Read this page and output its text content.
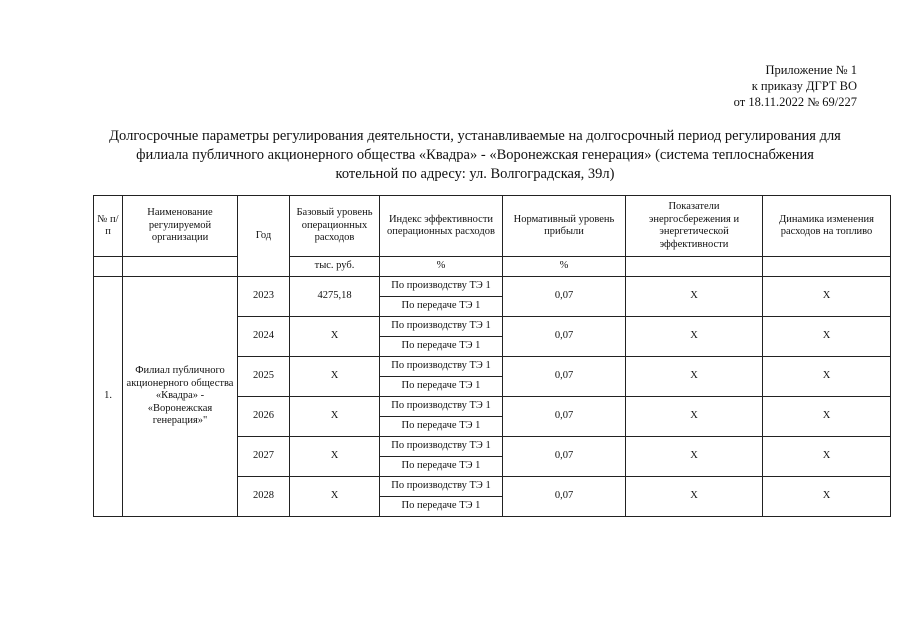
Приложение № 1
к приказу ДГРТ ВО
от 18.11.2022 № 69/227
Долгосрочные параметры регулирования деятельности, устанавливаемые на долгосрочный период регулирования для
филиала публичного акционерного общества «Квадра» - «Воронежская генерация» (система теплоснабжения
котельной по адресу: ул. Волгоградская, 39л)
№ п/п	Наименование регулируемой организации	Год	Базовый уровень операционных расходов	Индекс эффективности операционных расходов	Нормативный уровень прибыли	Показатели энергосбережения и энергетической эффективности	Динамика изменения расходов на топливо
			тыс. руб.	%	%		
1.	Филиал публичного акционерного общества «Квадра» - «Воронежская генерация»"	2023	4275,18	По производству ТЭ 1	0,07	X	X
				По передаче ТЭ 1			
		2024	X	По производству ТЭ 1	0,07	X	X
				По передаче ТЭ 1			
		2025	X	По производству ТЭ 1	0,07	X	X
				По передаче ТЭ 1			
		2026	X	По производству ТЭ 1	0,07	X	X
				По передаче ТЭ 1			
		2027	X	По производству ТЭ 1	0,07	X	X
				По передаче ТЭ 1			
		2028	X	По производству ТЭ 1	0,07	X	X
				По передаче ТЭ 1			
